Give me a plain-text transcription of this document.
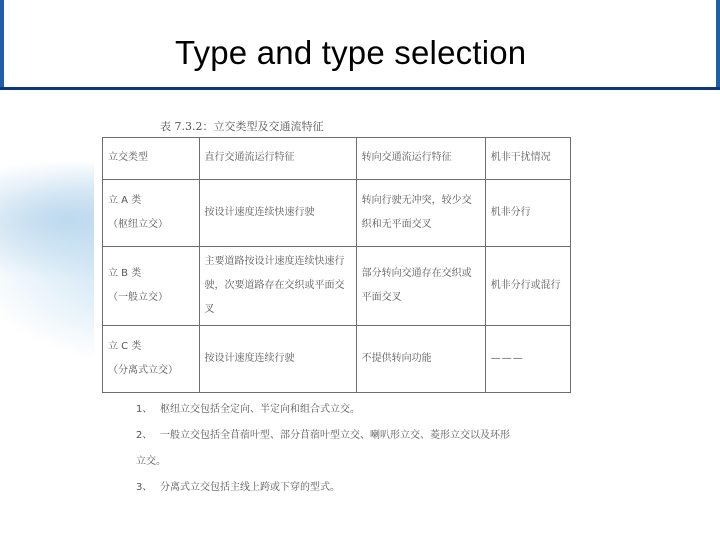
Type and type selection
表 7.3.2：立交类型及交通流特征
立交类型	直行交通流运行特征	转向交通流运行特征	机非干扰情况

立 A 类
（枢纽立交）	按设计速度连续快速行驶	转向行驶无冲突，较少交织和无平面交叉	机非分行

立 B 类
（一般立交）	主要道路按设计速度连续快速行驶，次要道路存在交织或平面交叉	部分转向交通存在交织或平面交叉	机非分行或混行

立 C 类
（分离式立交）	按设计速度连续行驶	不提供转向功能	———
1、 枢纽立交包括全定向、半定向和组合式立交。
2、 一般立交包括全苜蓿叶型、部分苜蓿叶型立交、喇叭形立交、菱形立交以及环形
立交。
3、 分离式立交包括主线上跨或下穿的型式。
